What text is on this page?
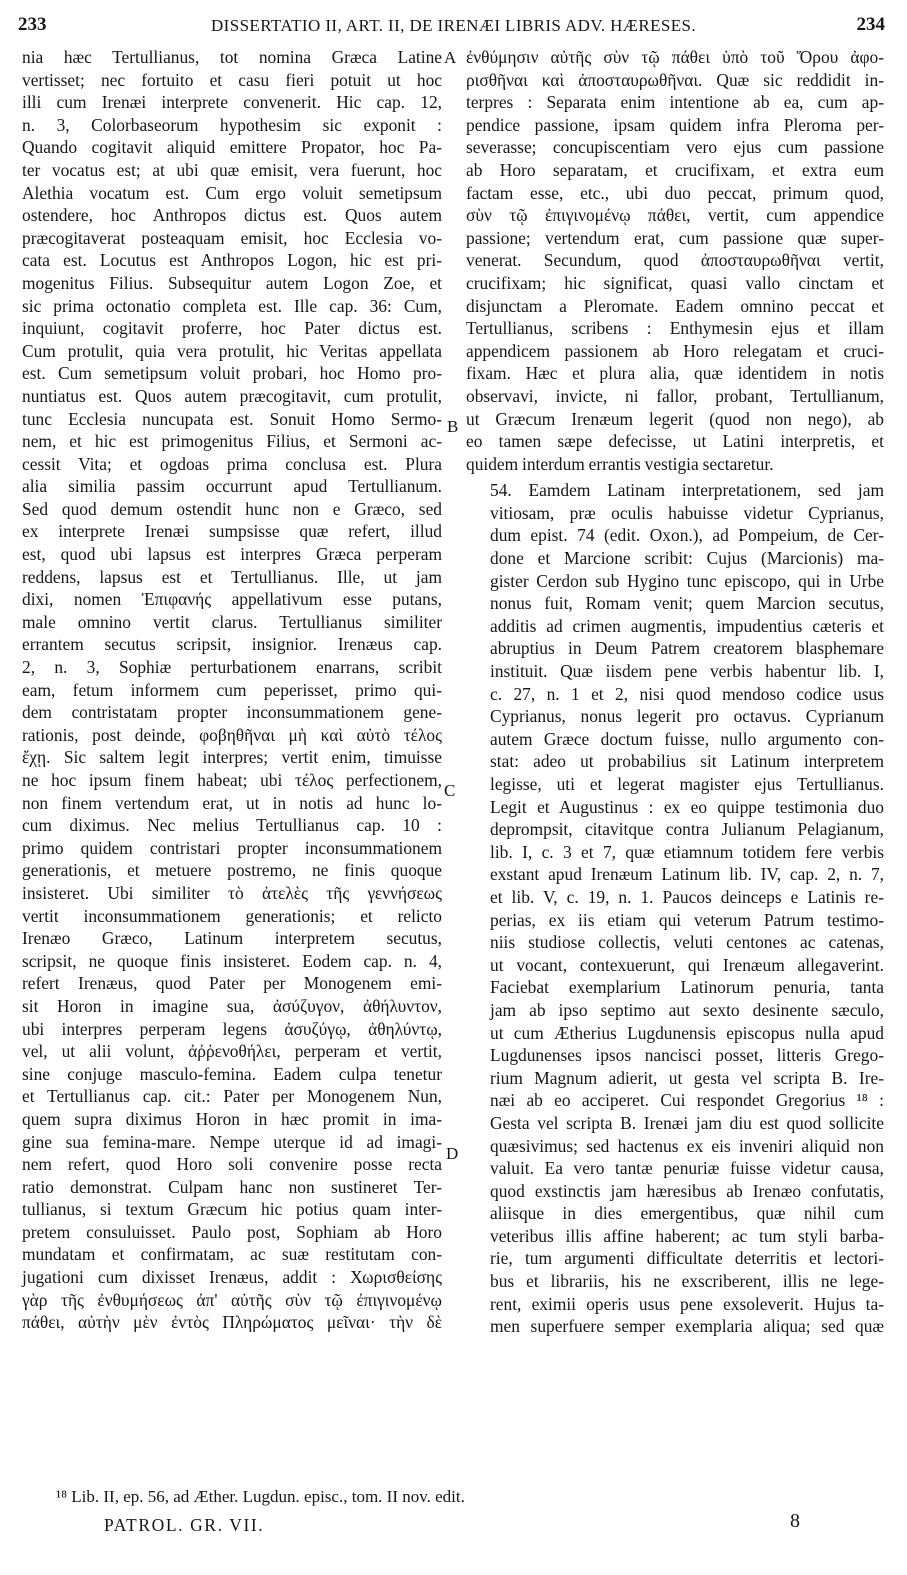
233	DISSERTATIO II, ART. II, DE IRENÆI LIBRIS ADV. HÆRESES.	234

nia hæc Tertullianus, tot nomina Græca Latine
vertisset; nec fortuito et casu fieri potuit ut hoc
illi cum Irenæi interprete convenerit. Hic cap. 12,
n. 3, Colorbaseorum hypothesim sic exponit :
Quando cogitavit aliquid emittere Propator, hoc Pa-
ter vocatus est; at ubi quæ emisit, vera fuerunt, hoc
Alethia vocatum est. Cum ergo voluit semetipsum
ostendere, hoc Anthropos dictus est. Quos autem
præcogitaverat posteaquam emisit, hoc Ecclesia vo-
cata est. Locutus est Anthropos Logon, hic est pri-
mogenitus Filius. Subsequitur autem Logon Zoe, et
sic prima octonatio completa est. Ille cap. 36: Cum,
inquiunt, cogitavit proferre, hoc Pater dictus est.
Cum protulit, quia vera protulit, hic Veritas appellata
est. Cum semetipsum voluit probari, hoc Homo pro-
nuntiatus est. Quos autem præcogitavit, cum protulit,
tunc Ecclesia nuncupata est. Sonuit Homo Sermo-
nem, et hic est primogenitus Filius, et Sermoni ac-
cessit Vita; et ogdoas prima conclusa est. Plura
alia similia passim occurrunt apud Tertullianum.
Sed quod demum ostendit hunc non e Græco, sed
ex interprete Irenæi sumpsisse quæ refert, illud
est, quod ubi lapsus est interpres Græca perperam
reddens, lapsus est et Tertullianus. Ille, ut jam
dixi, nomen Ἐπιφανής appellativum esse putans,
male omnino vertit clarus. Tertullianus similiter
errantem secutus scripsit, insignior. Irenæus cap.
2, n. 3, Sophiæ perturbationem enarrans, scribit
eam, fetum informem cum peperisset, primo qui-
dem contristatam propter inconsummationem gene-
rationis, post deinde, φοβηθῆναι μὴ καὶ αὐτὸ τέλος
ἔχῃ. Sic saltem legit interpres; vertit enim, timuisse
ne hoc ipsum finem habeat; ubi τέλος perfectionem,
non finem vertendum erat, ut in notis ad hunc lo-
cum diximus. Nec melius Tertullianus cap. 10 :
primo quidem contristari propter inconsummationem
generationis, et metuere postremo, ne finis quoque
insisteret. Ubi similiter τὸ ἀτελὲς τῆς γεννήσεως
vertit inconsummationem generationis; et relicto
Irenæo Græco, Latinum interpretem secutus,
scripsit, ne quoque finis insisteret. Eodem cap. n. 4,
refert Irenæus, quod Pater per Monogenem emi-
sit Horon in imagine sua, ἀσύζυγον, ἀθήλυντον,
ubi interpres perperam legens ἀσυζύγῳ, ἀθηλύντῳ,
vel, ut alii volunt, ἀῤῥενοθήλει, perperam et vertit,
sine conjuge masculo-femina. Eadem culpa tenetur
et Tertullianus cap. cit.: Pater per Monogenem Nun,
quem supra diximus Horon in hæc promit in ima-
gine sua femina-mare. Nempe uterque id ad imagi-
nem refert, quod Horo soli convenire posse recta
ratio demonstrat. Culpam hanc non sustineret Ter-
tullianus, si textum Græcum hic potius quam inter-
pretem consuluisset. Paulo post, Sophiam ab Horo
mundatam et confirmatam, ac suæ restitutam con-
jugationi cum dixisset Irenæus, addit : Χωρισθείσης
γὰρ τῆς ἐνθυμήσεως ἀπ' αὐτῆς σὺν τῷ ἐπιγινομένῳ
πάθει, αὐτὴν μὲν ἐντὸς Πληρώματος μεῖναι· τὴν δὲ

A
B
C
D

ἐνθύμησιν αὐτῆς σὺν τῷ πάθει ὑπὸ τοῦ Ὅρου ἀφο-
ρισθῆναι καὶ ἀποσταυρωθῆναι. Quæ sic reddidit in-
terpres : Separata enim intentione ab ea, cum ap-
pendice passione, ipsam quidem infra Pleroma per-
severasse; concupiscentiam vero ejus cum passione
ab Horo separatam, et crucifixam, et extra eum
factam esse, etc., ubi duo peccat, primum quod,
σὺν τῷ ἐπιγινομένῳ πάθει, vertit, cum appendice
passione; vertendum erat, cum passione quæ super-
venerat. Secundum, quod ἀποσταυρωθῆναι vertit,
crucifixam; hic significat, quasi vallo cinctam et
disjunctam a Pleromate. Eadem omnino peccat et
Tertullianus, scribens : Enthymesin ejus et illam
appendicem passionem ab Horo relegatam et cruci-
fixam. Hæc et plura alia, quæ identidem in notis
observavi, invicte, ni fallor, probant, Tertullianum,
ut Græcum Irenæum legerit (quod non nego), ab
eo tamen sæpe defecisse, ut Latini interpretis, et
quidem interdum errantis vestigia sectaretur.

54. Eamdem Latinam interpretationem, sed jam
vitiosam, præ oculis habuisse videtur Cyprianus,
dum epist. 74 (edit. Oxon.), ad Pompeium, de Cer-
done et Marcione scribit: Cujus (Marcionis) ma-
gister Cerdon sub Hygino tunc episcopo, qui in Urbe
nonus fuit, Romam venit; quem Marcion secutus,
additis ad crimen augmentis, impudentius cæteris et
abruptius in Deum Patrem creatorem blasphemare
instituit. Quæ iisdem pene verbis habentur lib. I,
c. 27, n. 1 et 2, nisi quod mendoso codice usus
Cyprianus, nonus legerit pro octavus. Cyprianum
autem Græce doctum fuisse, nullo argumento con-
stat: adeo ut probabilius sit Latinum interpretem
legisse, uti et legerat magister ejus Tertullianus.
Legit et Augustinus : ex eo quippe testimonia duo
deprompsit, citavitque contra Julianum Pelagianum,
lib. I, c. 3 et 7, quæ etiamnum totidem fere verbis
exstant apud Irenæum Latinum lib. IV, cap. 2, n. 7,
et lib. V, c. 19, n. 1. Paucos deinceps e Latinis re-
perias, ex iis etiam qui veterum Patrum testimo-
niis studiose collectis, veluti centones ac catenas,
ut vocant, contexuerunt, qui Irenæum allegaverint.
Faciebat exemplarium Latinorum penuria, tanta
jam ab ipso septimo aut sexto desinente sæculo,
ut cum Ætherius Lugdunensis episcopus nulla apud
Lugdunenses ipsos nancisci posset, litteris Grego-
rium Magnum adierit, ut gesta vel scripta B. Ire-
næi ab eo acciperet. Cui respondet Gregorius ¹⁸ :
Gesta vel scripta B. Irenæi jam diu est quod sollicite
quæsivimus; sed hactenus ex eis inveniri aliquid non
valuit. Ea vero tantæ penuriæ fuisse videtur causa,
quod exstinctis jam hæresibus ab Irenæo confutatis,
aliisque in dies emergentibus, quæ nihil cum
veteribus illis affine haberent; ac tum styli barba-
rie, tum argumenti difficultate deterritis et lectori-
bus et librariis, his ne exscriberent, illis ne legе-
rent, eximii operis usus pene exsoleverit. Hujus ta-
men superfuere semper exemplaria aliqua; sed quæ

¹⁸ Lib. II, ep. 56, ad Æther. Lugdun. episc., tom. II nov. edit.
PATROL. GR. VII.	8
